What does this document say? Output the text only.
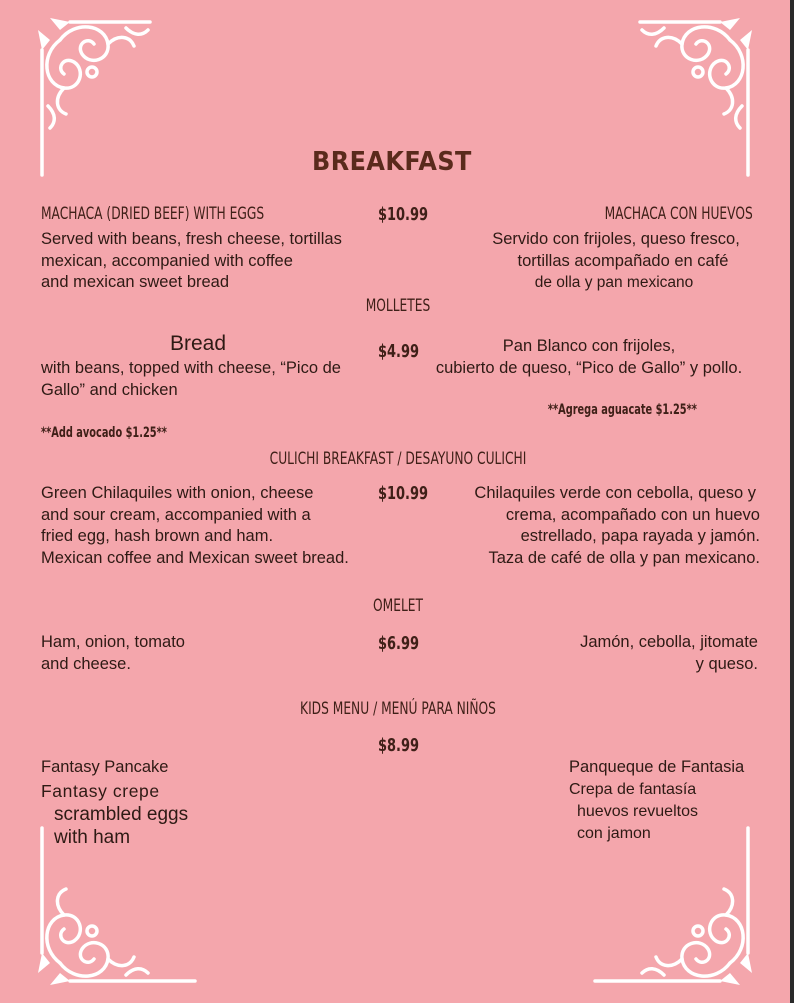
BREAKFAST
MACHACA (DRIED BEEF) WITH EGGS	$10.99	MACHACA CON HUEVOS
Served with beans, fresh cheese, tortillas
mexican, accompanied with coffee
and mexican sweet bread
Servido con frijoles, queso fresco,
tortillas acompañado en café
de olla y pan mexicano
MOLLETES
Bread	$4.99
with beans, topped with cheese, “Pico de
Gallo” and chicken
Pan Blanco con frijoles,
cubierto de queso, “Pico de Gallo” y pollo.
**Agrega aguacate $1.25**
**Add avocado $1.25**
CULICHI BREAKFAST / DESAYUNO CULICHI
$10.99
Green Chilaquiles with onion, cheese
and sour cream, accompanied with a
fried egg, hash brown and ham.
Mexican coffee and Mexican sweet bread.
Chilaquiles verde con cebolla, queso y
crema, acompañado con un huevo
estrellado, papa rayada y jamón.
Taza de café de olla y pan mexicano.
OMELET
$6.99
Ham, onion, tomato
and cheese.
Jamón, cebolla, jitomate
y queso.
KIDS MENU / MENÚ PARA NIÑOS
$8.99
Fantasy Pancake
Fantasy crepe
scrambled eggs
with ham
Panqueque de Fantasia
Crepa de fantasía
huevos revueltos
con jamon
